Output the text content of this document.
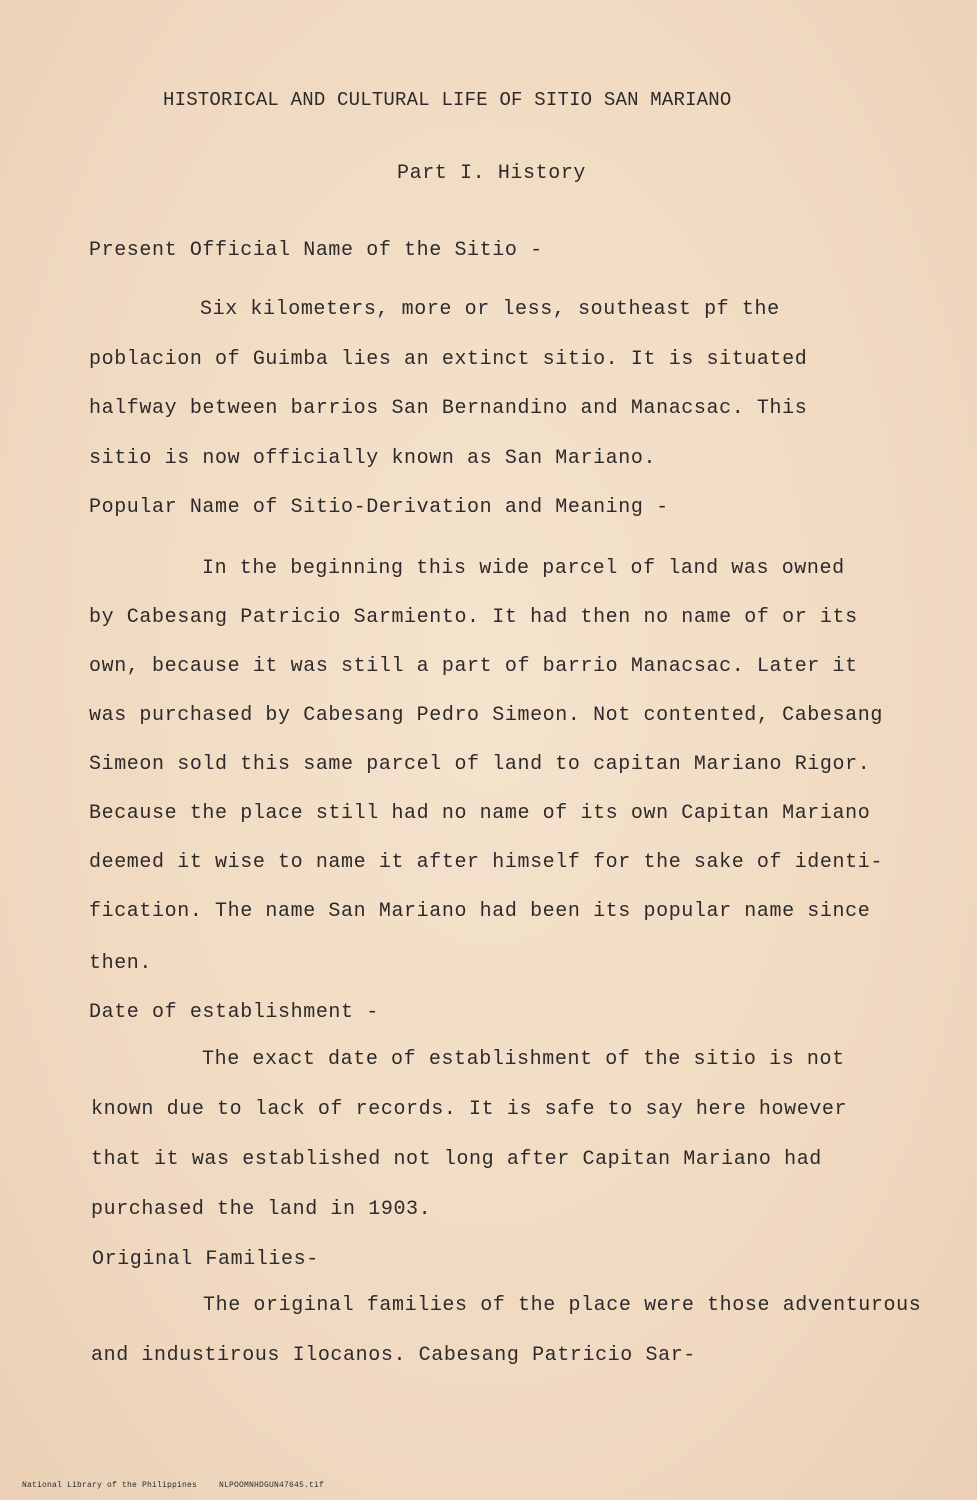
HISTORICAL AND CULTURAL LIFE OF SITIO SAN MARIANO
Part I. History
Present Official Name of the Sitio -
Six kilometers, more or less, southeast pf the
poblacion of Guimba lies an extinct sitio. It is situated
halfway between barrios San Bernandino and Manacsac. This
sitio is now officially known as San Mariano.
Popular Name of Sitio-Derivation and Meaning -
In the beginning this wide parcel of land was owned
by Cabesang Patricio Sarmiento. It had then no name of or its
own, because it was still a part of barrio Manacsac. Later it
was purchased by Cabesang Pedro Simeon. Not contented, Cabesang
Simeon sold this same parcel of land to capitan Mariano Rigor.
Because the place still had no name of its own Capitan Mariano
deemed it wise to name it after himself for the sake of identi-
fication. The name San Mariano had been its popular name since
then.
Date of establishment -
The exact date of establishment of the sitio is not
known due to lack of records. It is safe to say here however
that it was established not long after Capitan Mariano had
purchased the land in 1903.
Original Families-
The original families of the place were those adventurous
and industirous Ilocanos. Cabesang Patricio Sar-

National Library of the Philippines	NLPOOMNHDGUN47645.tif
